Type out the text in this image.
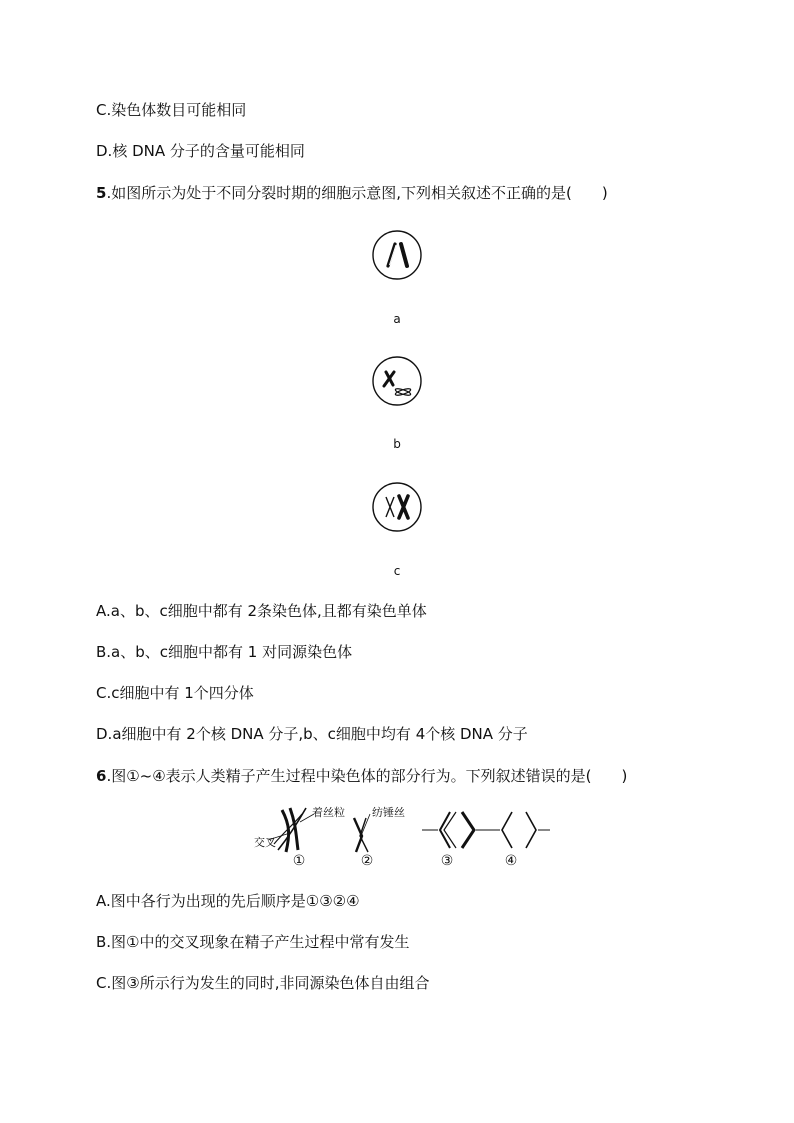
C.染色体数目可能相同
D.核 DNA 分子的含量可能相同
5.如图所示为处于不同分裂时期的细胞示意图,下列相关叙述不正确的是(　　)
a
b
c
A.a、b、c细胞中都有 2条染色体,且都有染色单体
B.a、b、c细胞中都有 1 对同源染色体
C.c细胞中有 1个四分体
D.a细胞中有 2个核 DNA 分子,b、c细胞中均有 4个核 DNA 分子
6.图①~④表示人类精子产生过程中染色体的部分行为。下列叙述错误的是(　　)
交叉
着丝粒 纺锤丝
①	②	③	④
A.图中各行为出现的先后顺序是①③②④
B.图①中的交叉现象在精子产生过程中常有发生
C.图③所示行为发生的同时,非同源染色体自由组合
